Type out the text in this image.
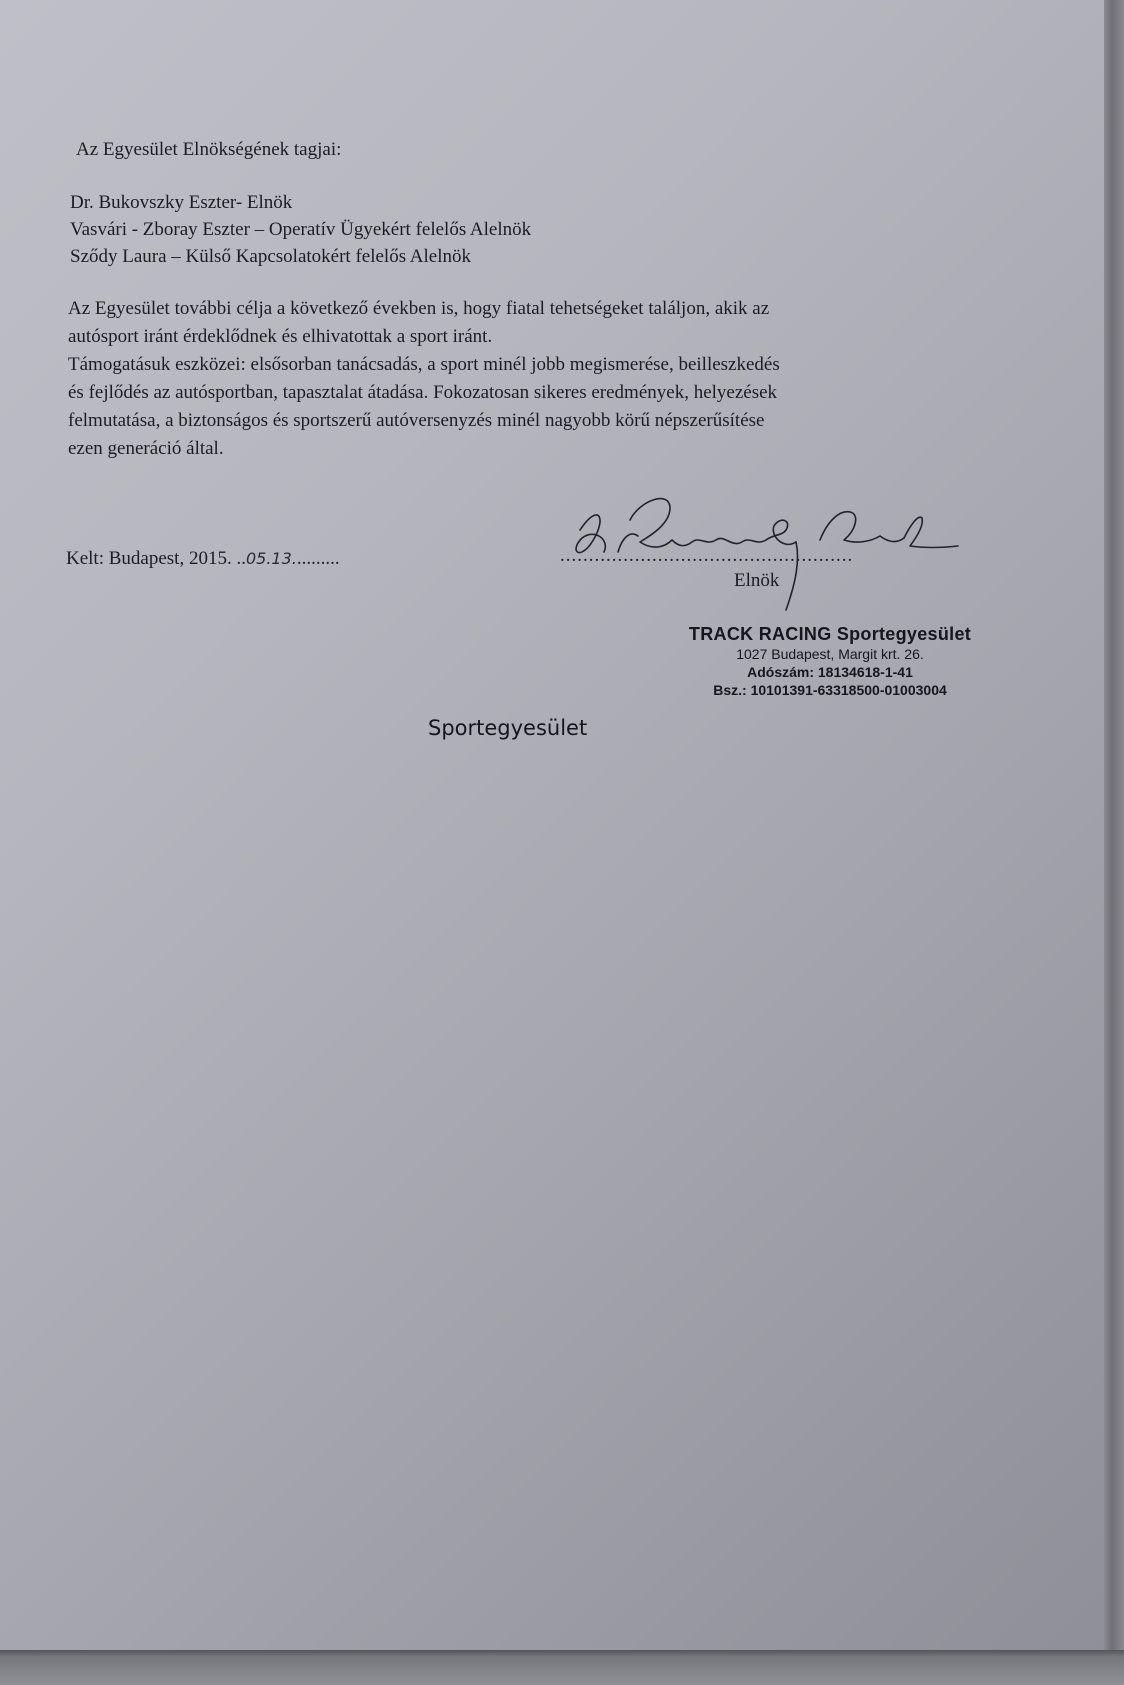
Az Egyesület Elnökségének tagjai:
Dr. Bukovszky Eszter- Elnök
Vasvári - Zboray Eszter – Operatív Ügyekért felelős Alelnök
Sződy Laura – Külső Kapcsolatokért felelős Alelnök
Az Egyesület további célja a következő években is, hogy fiatal tehetségeket találjon, akik az
autósport iránt érdeklődnek és elhivatottak a sport iránt.
Támogatásuk eszközei: elsősorban tanácsadás, a sport minél jobb megismerése, beilleszkedés
és fejlődés az autósportban, tapasztalat átadása. Fokozatosan sikeres eredmények, helyezések
felmutatása, a biztonságos és sportszerű autóversenyzés minél nagyobb körű népszerűsítése
ezen generáció által.
Kelt: Budapest, 2015. ..05.13..........	...................................................
Elnök
TRACK RACING Sportegyesület
1027 Budapest, Margit krt. 26.
Adószám: 18134618-1-41
Bsz.: 10101391-63318500-01003004
Sportegyesület
